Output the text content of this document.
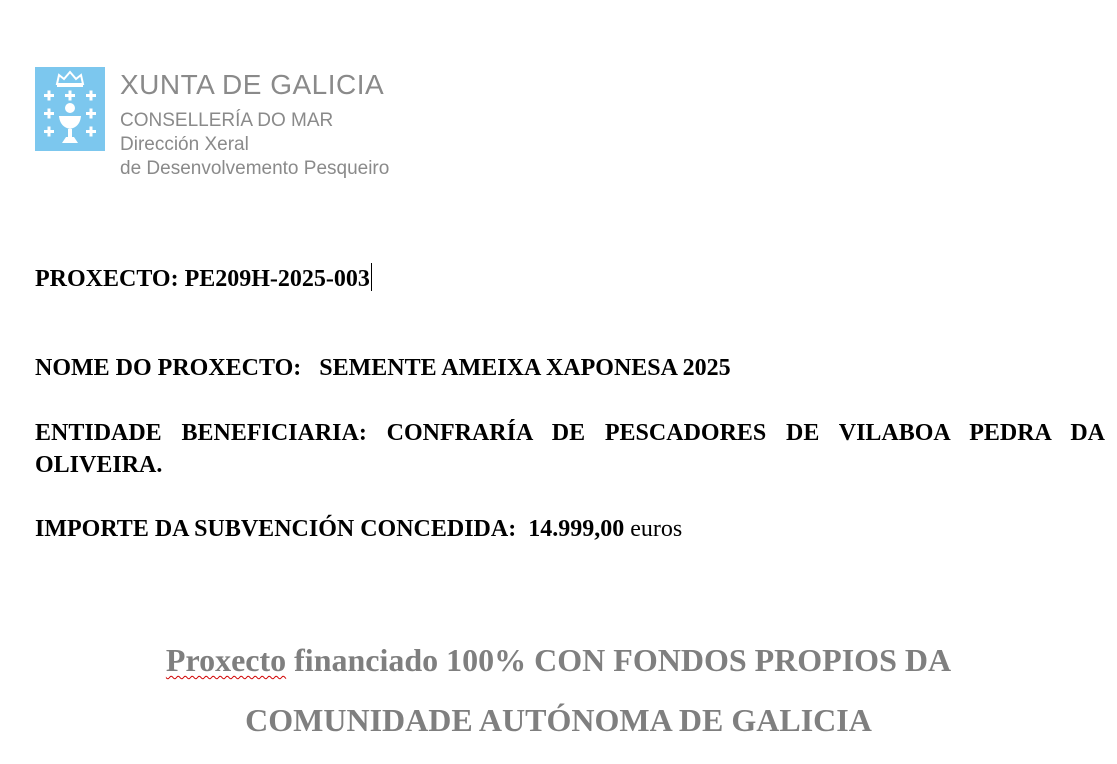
XUNTA DE GALICIA
CONSELLERÍA DO MAR
Dirección Xeral
de Desenvolvemento Pesqueiro
PROXECTO: PE209H-2025-003
NOME DO PROXECTO: SEMENTE AMEIXA XAPONESA 2025
ENTIDADE BENEFICIARIA: CONFRARÍA DE PESCADORES DE VILABOA PEDRA DA OLIVEIRA.
IMPORTE DA SUBVENCIÓN CONCEDIDA: 14.999,00 euros
Proxecto financiado 100% CON FONDOS PROPIOS DA
COMUNIDADE AUTÓNOMA DE GALICIA
